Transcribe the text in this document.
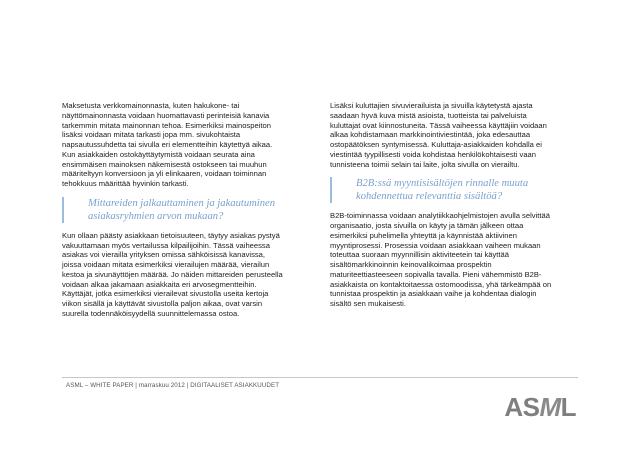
Maksetusta verkkomainonnasta, kuten hakukone- tai
näyttömainonnasta voidaan huomattavasti perinteisiä kanavia
tarkemmin mitata mainonnan tehoa. Esimerkiksi mainospeiton
lisäksi voidaan mitata tarkasti jopa mm. sivukohtaista
napsautussuhdetta tai sivulla eri elementteihin käytettyä aikaa.
Kun asiakkaiden ostokäyttäytymistä voidaan seurata aina
ensimmäisen mainoksen näkemisestä ostokseen tai muuhun
määriteltyyn konversioon ja yli elinkaaren, voidaan toiminnan
tehokkuus määrittää hyvinkin tarkasti.

Mittareiden jalkauttaminen ja jakautuminen
asiakasryhmien arvon mukaan?

Kun ollaan päästy asiakkaan tietoisuuteen, täytyy asiakas pystyä
vakuuttamaan myös vertailussa kilpailijoihin. Tässä vaiheessa
asiakas voi vierailla yrityksen omissa sähköisissä kanavissa,
joissa voidaan mitata esimerkiksi vierailujen määrää, vierailun
kestoa ja sivunäyttöjen määrää. Jo näiden mittareiden perusteella
voidaan alkaa jakamaan asiakkaita eri arvosegmentteihin.
Käyttäjät, jotka esimerkiksi vierailevat sivustolla useita kertoja
viikon sisällä ja käyttävät sivustolla paljon aikaa, ovat varsin
suurella todennäköisyydellä suunnittelemassa ostoa.

Lisäksi kuluttajien sivuvierailuista ja sivuilla käytetystä ajasta
saadaan hyvä kuva mistä asioista, tuotteista tai palveluista
kuluttajat ovat kiinnostuneita. Tässä vaiheessa käyttäjiin voidaan
alkaa kohdistamaan markkinointiviestintää, joka edesauttaa
ostopäätöksen syntymisessä. Kuluttaja-asiakkaiden kohdalla ei
viestintää tyypillisesti voida kohdistaa henkilökohtaisesti vaan
tunnisteena toimii selain tai laite, jolta sivulla on vierailtu.

B2B:ssä myyntisisältöjen rinnalle muuta
kohdennettua relevanttia sisältöä?

B2B-toiminnassa voidaan analytiikkaohjelmistojen avulla selvittää
organisaatio, josta sivuilla on käyty ja tämän jälkeen ottaa
esimerkiksi puhelimella yhteyttä ja käynnistää aktiivinen
myyntiprosessi. Prosessia voidaan asiakkaan vaiheen mukaan
toteuttaa suoraan myynnillisin aktiviteetein tai käyttää
sisältömarkkinoinnin keinovalikoimaa prospektin
maturiteettiasteeseen sopivalla tavalla. Pieni vähemmistö B2B-
asiakkaista on kontaktoitaessa ostomoodissa, yhä tärkeämpää on
tunnistaa prospektin ja asiakkaan vaihe ja kohdentaa dialogin
sisältö sen mukaisesti.

ASML – WHITE PAPER | marraskuu 2012 | DIGITAALISET ASIAKKUUDET
ASML
